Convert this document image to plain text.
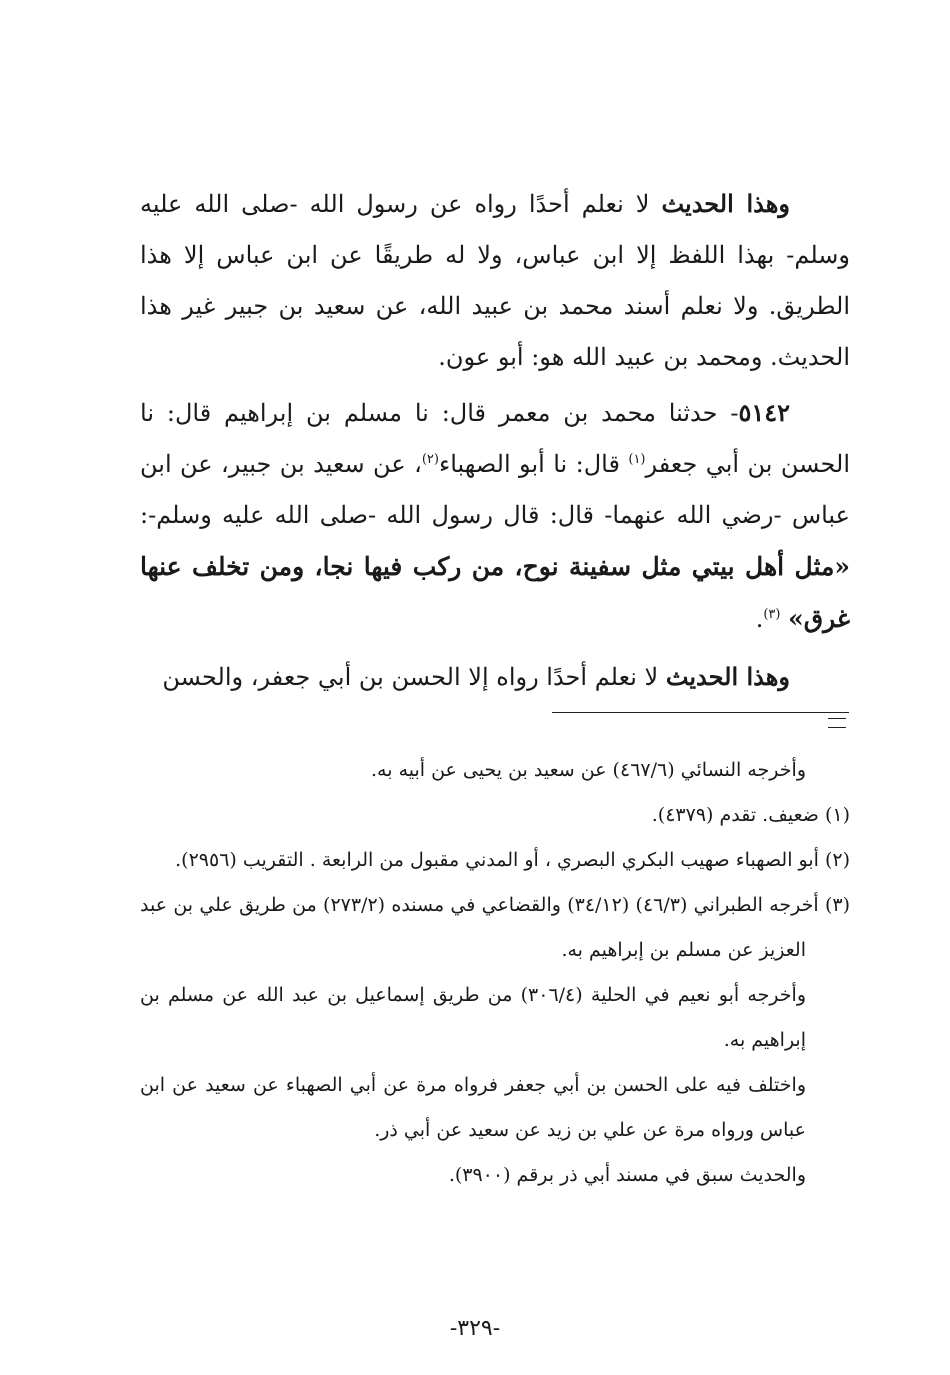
وهذا الحديث لا نعلم أحدًا رواه عن رسول الله -صلى الله عليه وسلم- بهذا اللفظ إلا ابن عباس، ولا له طريقًا عن ابن عباس إلا هذا الطريق. ولا نعلم أسند محمد بن عبيد الله، عن سعيد بن جبير غير هذا الحديث. ومحمد بن عبيد الله هو: أبو عون.

٥١٤٢- حدثنا محمد بن معمر قال: نا مسلم بن إبراهيم قال: نا الحسن بن أبي جعفر$^{(١)}$ قال: نا أبو الصهباء$^{(٢)}$، عن سعيد بن جبير، عن ابن عباس -رضي الله عنهما- قال: قال رسول الله -صلى الله عليه وسلم-: «مثل أهل بيتي مثل سفينة نوح، من ركب فيها نجا، ومن تخلف عنها غرق» $^{(٣)}$.

وهذا الحديث لا نعلم أحدًا رواه إلا الحسن بن أبي جعفر، والحسن

وأخرجه النسائي (٤٦٧/٦) عن سعيد بن يحيى عن أبيه به.

(١) ضعيف. تقدم (٤٣٧٩).

(٢) أبو الصهباء صهيب البكري البصري ، أو المدني مقبول من الرابعة . التقريب (٢٩٥٦).

(٣) أخرجه الطبراني (٤٦/٣) (٣٤/١٢) والقضاعي في مسنده (٢٧٣/٢) من طريق علي بن عبد العزيز عن مسلم بن إبراهيم به.

وأخرجه أبو نعيم في الحلية (٣٠٦/٤) من طريق إسماعيل بن عبد الله عن مسلم بن إبراهيم به.

واختلف فيه على الحسن بن أبي جعفر فرواه مرة عن أبي الصهباء عن سعيد عن ابن عباس ورواه مرة عن علي بن زيد عن سعيد عن أبي ذر.

والحديث سبق في مسند أبي ذر برقم (٣٩٠٠).

-٣٢٩-
